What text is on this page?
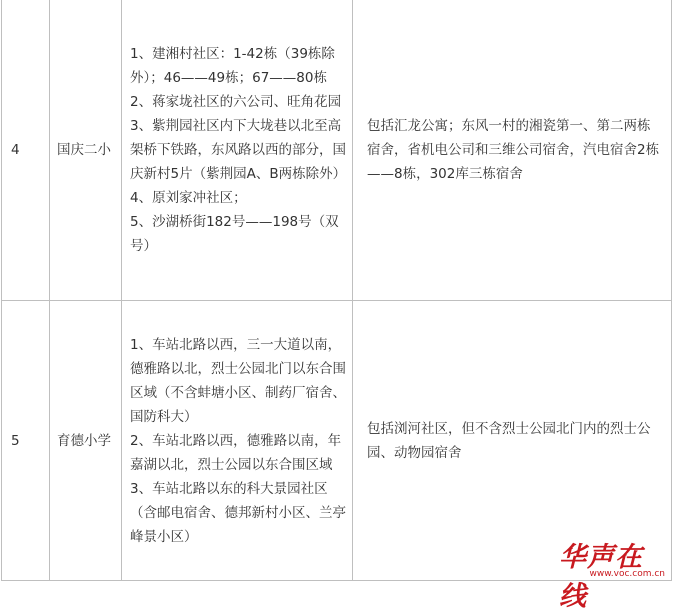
4	国庆二小	1、建湘村社区：1-42栋（39栋除外）；46——49栋；67——80栋
2、蒋家垅社区的六公司、旺角花园
3、紫荆园社区内下大垅巷以北至高架桥下铁路，东风路以西的部分，国庆新村5片（紫荆园A、B两栋除外）
4、原刘家冲社区；
5、沙湖桥街182号——198号（双号）	包括汇龙公寓；东风一村的湘瓷第一、第二两栋宿舍，省机电公司和三维公司宿舍，汽电宿舍2栋——8栋，302库三栋宿舍
5	育德小学	1、车站北路以西，三一大道以南，德雅路以北，烈士公园北门以东合围区域（不含蚌塘小区、制药厂宿舍、国防科大）
2、车站北路以西，德雅路以南，年嘉湖以北，烈士公园以东合围区域
3、车站北路以东的科大景园社区（含邮电宿舍、德邦新村小区、兰亭峰景小区）	包括浏河社区，但不含烈士公园北门内的烈士公园、动物园宿舍
华声在线
www.voc.com.cn
